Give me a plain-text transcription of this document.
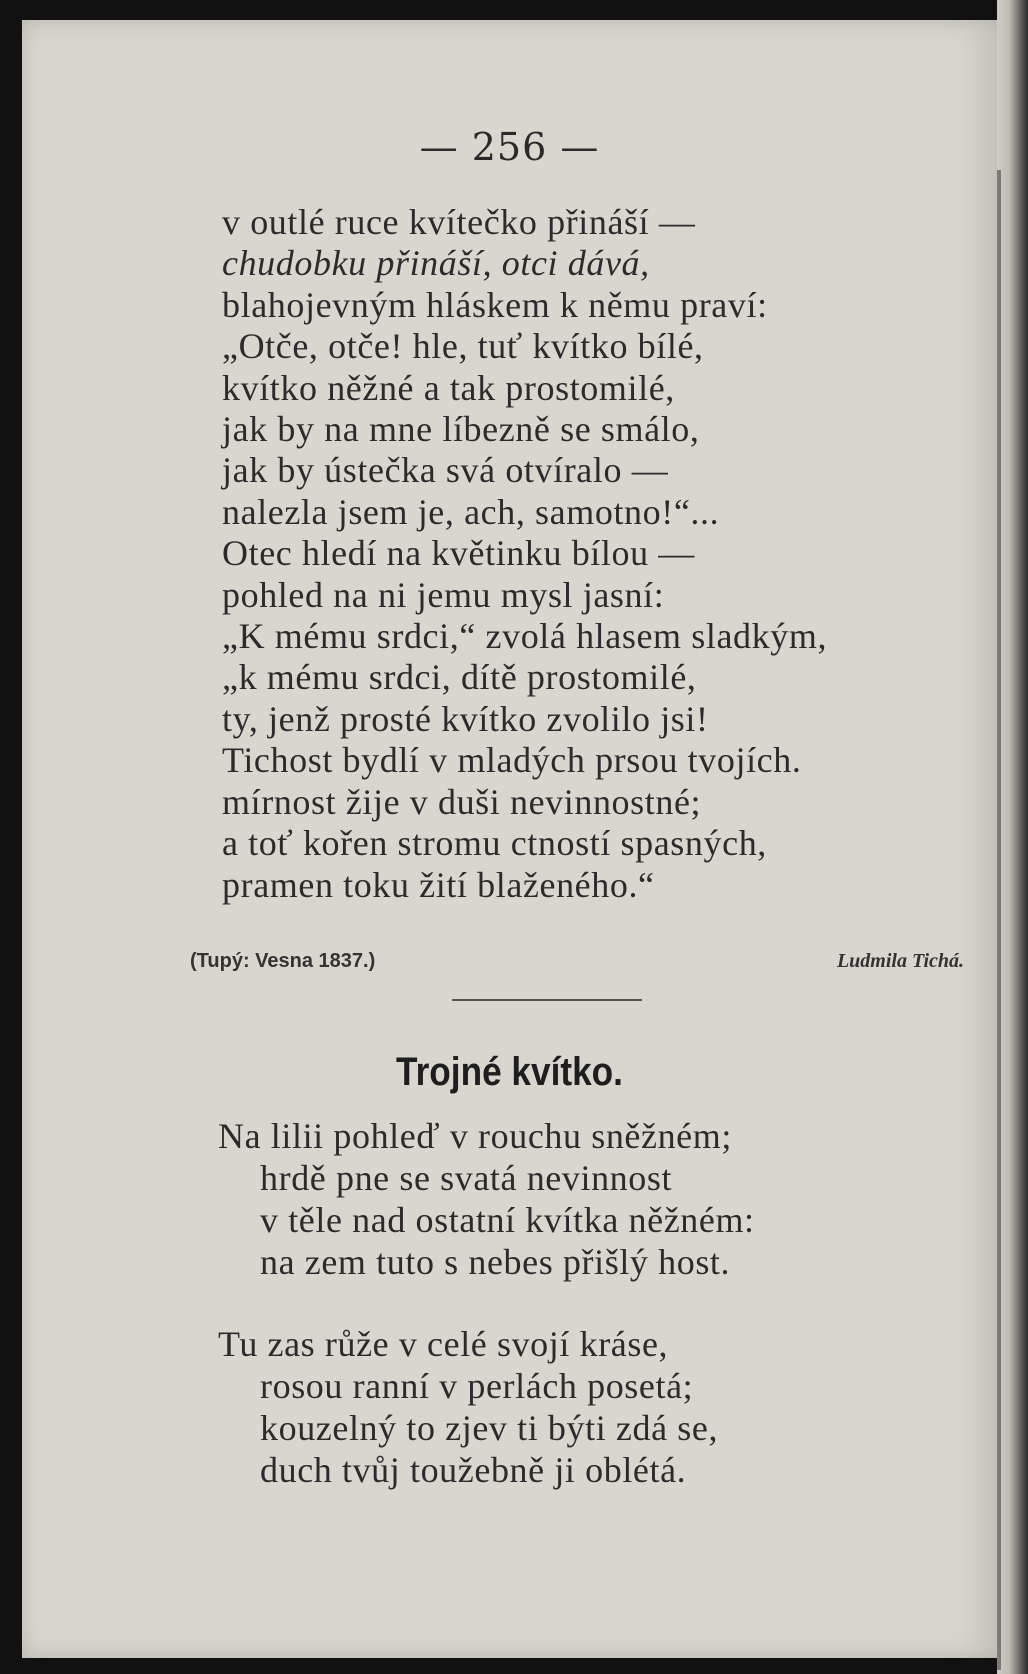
— 256 —
v outlé ruce kvítečko přináší —
chudobku přináší, otci dává,
blahojevným hláskem k němu praví:
„Otče, otče! hle, tuť kvítko bílé,
kvítko něžné a tak prostomilé,
jak by na mne líbezně se smálo,
jak by ústečka svá otvíralo —
nalezla jsem je, ach, samotno!“...
Otec hledí na květinku bílou —
pohled na ni jemu mysl jasní:
„K mému srdci,“ zvolá hlasem sladkým,
„k mému srdci, dítě prostomilé,
ty, jenž prosté kvítko zvolilo jsi!
Tichost bydlí v mladých prsou tvojích.
mírnost žije v duši nevinnostné;
a toť kořen stromu ctností spasných,
pramen toku žití blaženého.“
(Tupý: Vesna 1837.)	Ludmila Tichá.
Trojné kvítko.
Na lilii pohleď v rouchu sněžném;
hrdě pne se svatá nevinnost
v těle nad ostatní kvítka něžném:
na zem tuto s nebes přišlý host.
Tu zas růže v celé svojí kráse,
rosou ranní v perlách posetá;
kouzelný to zjev ti býti zdá se,
duch tvůj toužebně ji oblétá.
